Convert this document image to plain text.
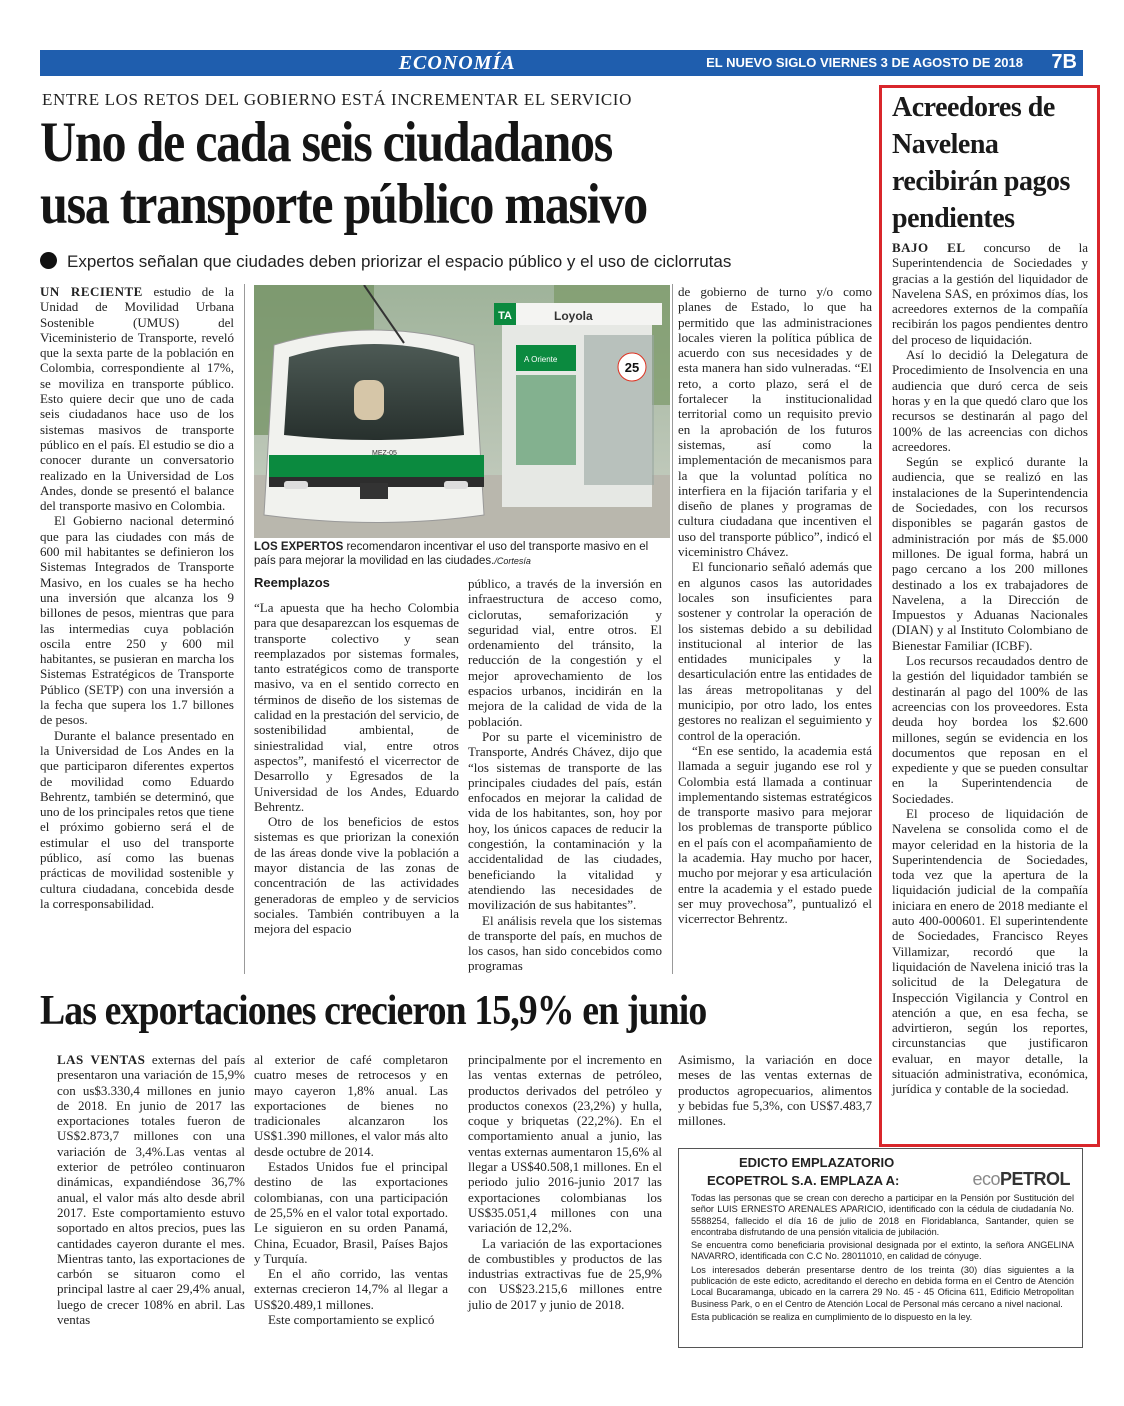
ECONOMÍA	EL NUEVO SIGLO VIERNES 3 DE AGOSTO DE 2018 7B
ENTRE LOS RETOS DEL GOBIERNO ESTÁ INCREMENTAR EL SERVICIO
Uno de cada seis ciudadanos
usa transporte público masivo
Expertos señalan que ciudades deben priorizar el espacio público y el uso de ciclorrutas

UN RECIENTE estudio de la Unidad de Movilidad Urbana Sostenible (UMUS) del Viceministerio de Transporte, reveló que la sexta parte de la población en Colombia, correspondiente al 17%, se moviliza en transporte público. Esto quiere decir que uno de cada seis ciudadanos hace uso de los sistemas masivos de transporte público en el país. El estudio se dio a conocer durante un conversatorio realizado en la Universidad de Los Andes, donde se presentó el balance del transporte masivo en Colombia.

El Gobierno nacional determinó que para las ciudades con más de 600 mil habitantes se definieron los Sistemas Integrados de Transporte Masivo, en los cuales se ha hecho una inversión que alcanza los 9 billones de pesos, mientras que para las intermedias cuya población oscila entre 250 y 600 mil habitantes, se pusieran en marcha los Sistemas Estratégicos de Transporte Público (SETP) con una inversión a la fecha que supera los 1.7 billones de pesos.

Durante el balance presentado en la Universidad de Los Andes en la que participaron diferentes expertos de movilidad como Eduardo Behrentz, también se determinó, que uno de los principales retos que tiene el próximo gobierno será el de estimular el uso del transporte público, así como las buenas prácticas de movilidad sostenible y cultura ciudadana, concebida desde la corresponsabilidad.

TA	Loyola
A Oriente
25
MEZ-05
LOS EXPERTOS recomendaron incentivar el uso del transporte masivo en el país para mejorar la movilidad en las ciudades./Cortesía
Reemplazos

“La apuesta que ha hecho Colombia para que desaparezcan los esquemas de transporte colectivo y sean reemplazados por sistemas formales, tanto estratégicos como de transporte masivo, va en el sentido correcto en términos de diseño de los sistemas de calidad en la prestación del servicio, de sostenibilidad ambiental, de siniestralidad vial, entre otros aspectos”, manifestó el vicerrector de Desarrollo y Egresados de la Universidad de los Andes, Eduardo Behrentz.

Otro de los beneficios de estos sistemas es que priorizan la conexión de las áreas donde vive la población a mayor distancia de las zonas de concentración de las actividades generadoras de empleo y de servicios sociales. También contribuyen a la mejora del espacio

público, a través de la inversión en infraestructura de acceso como, ciclorutas, semaforización y seguridad vial, entre otros. El ordenamiento del tránsito, la reducción de la congestión y el mejor aprovechamiento de los espacios urbanos, incidirán en la mejora de la calidad de vida de la población.

Por su parte el viceministro de Transporte, Andrés Chávez, dijo que “los sistemas de transporte de las principales ciudades del país, están enfocados en mejorar la calidad de vida de los habitantes, son, hoy por hoy, los únicos capaces de reducir la congestión, la contaminación y la accidentalidad de las ciudades, beneficiando la vitalidad y atendiendo las necesidades de movilización de sus habitantes”.

El análisis revela que los sistemas de transporte del país, en muchos de los casos, han sido concebidos como programas

de gobierno de turno y/o como planes de Estado, lo que ha permitido que las administraciones locales vieren la política pública de acuerdo con sus necesidades y de esta manera han sido vulneradas. “El reto, a corto plazo, será el de fortalecer la institucionalidad territorial como un requisito previo en la aprobación de los futuros sistemas, así como la implementación de mecanismos para la que la voluntad política no interfiera en la fijación tarifaria y el diseño de planes y programas de cultura ciudadana que incentiven el uso del transporte público”, indicó el viceministro Chávez.

El funcionario señaló además que en algunos casos las autoridades locales son insuficientes para sostener y controlar la operación de los sistemas debido a su debilidad institucional al interior de las entidades municipales y la desarticulación entre las entidades de las áreas metropolitanas y del municipio, por otro lado, los entes gestores no realizan el seguimiento y control de la operación.

“En ese sentido, la academia está llamada a seguir jugando ese rol y Colombia está llamada a continuar implementando sistemas estratégicos de transporte masivo para mejorar los problemas de transporte público en el país con el acompañamiento de la academia. Hay mucho por hacer, mucho por mejorar y esa articulación entre la academia y el estado puede ser muy provechosa”, puntualizó el vicerrector Behrentz.

Las exportaciones crecieron 15,9% en junio

LAS VENTAS externas del país presentaron una variación de 15,9% con us$3.330,4 millones en junio de 2018. En junio de 2017 las exportaciones totales fueron de US$2.873,7 millones con una variación de 3,4%.Las ventas al exterior de petróleo continuaron dinámicas, expandiéndose 36,7% anual, el valor más alto desde abril 2017. Este comportamiento estuvo soportado en altos precios, pues las cantidades cayeron durante el mes. Mientras tanto, las exportaciones de carbón se situaron como el principal lastre al caer 29,4% anual, luego de crecer 108% en abril. Las ventas

al exterior de café completaron cuatro meses de retrocesos y en mayo cayeron 1,8% anual. Las exportaciones de bienes no tradicionales alcanzaron los US$1.390 millones, el valor más alto desde octubre de 2014.

Estados Unidos fue el principal destino de las exportaciones colombianas, con una participación de 25,5% en el valor total exportado. Le siguieron en su orden Panamá, China, Ecuador, Brasil, Países Bajos y Turquía.

En el año corrido, las ventas externas crecieron 14,7% al llegar a US$20.489,1 millones.

Este comportamiento se explicó

principalmente por el incremento en las ventas externas de petróleo, productos derivados del petróleo y productos conexos (23,2%) y hulla, coque y briquetas (22,2%). En el comportamiento anual a junio, las ventas externas aumentaron 15,6% al llegar a US$40.508,1 millones. En el periodo julio 2016-junio 2017 las exportaciones colombianas los US$35.051,4 millones con una variación de 12,2%.

La variación de las exportaciones de combustibles y productos de las industrias extractivas fue de 25,9% con US$23.215,6 millones entre julio de 2017 y junio de 2018.

Asimismo, la variación en doce meses de las ventas externas de productos agropecuarios, alimentos y bebidas fue 5,3%, con US$7.483,7 millones.

Acreedores de Navelena recibirán pagos pendientes

BAJO EL concurso de la Superintendencia de Sociedades y gracias a la gestión del liquidador de Navelena SAS, en próximos días, los acreedores externos de la compañía recibirán los pagos pendientes dentro del proceso de liquidación.

Así lo decidió la Delegatura de Procedimiento de Insolvencia en una audiencia que duró cerca de seis horas y en la que quedó claro que los recursos se destinarán al pago del 100% de las acreencias con dichos acreedores.

Según se explicó durante la audiencia, que se realizó en las instalaciones de la Superintendencia de Sociedades, con los recursos disponibles se pagarán gastos de administración por más de $5.000 millones. De igual forma, habrá un pago cercano a los 200 millones destinado a los ex trabajadores de Navelena, a la Dirección de Impuestos y Aduanas Nacionales (DIAN) y al Instituto Colombiano de Bienestar Familiar (ICBF).

Los recursos recaudados dentro de la gestión del liquidador también se destinarán al pago del 100% de las acreencias con los proveedores. Esta deuda hoy bordea los $2.600 millones, según se evidencia en los documentos que reposan en el expediente y que se pueden consultar en la Superintendencia de Sociedades.

El proceso de liquidación de Navelena se consolida como el de mayor celeridad en la historia de la Superintendencia de Sociedades, toda vez que la apertura de la liquidación judicial de la compañía iniciara en enero de 2018 mediante el auto 400-000601. El superintendente de Sociedades, Francisco Reyes Villamizar, recordó que la liquidación de Navelena inició tras la solicitud de la Delegatura de Inspección Vigilancia y Control en atención a que, en esa fecha, se advirtieron, según los reportes, circunstancias que justificaron evaluar, en mayor detalle, la situación administrativa, económica, jurídica y contable de la sociedad.

EDICTO EMPLAZATORIO
ECOPETROL S.A. EMPLAZA A:	ecoPETROL

Todas las personas que se crean con derecho a participar en la Pensión por Sustitución del señor LUIS ERNESTO ARENALES APARICIO, identificado con la cédula de ciudadanía No. 5588254, fallecido el día 16 de julio de 2018 en Floridablanca, Santander, quien se encontraba disfrutando de una pensión vitalicia de jubilación.

Se encuentra como beneficiaria provisional designada por el extinto, la señora ANGELINA NAVARRO, identificada con C.C No. 28011010, en calidad de cónyuge.

Los interesados deberán presentarse dentro de los treinta (30) días siguientes a la publicación de este edicto, acreditando el derecho en debida forma en el Centro de Atención Local Bucaramanga, ubicado en la carrera 29 No. 45 - 45 Oficina 611, Edificio Metropolitan Business Park, o en el Centro de Atención Local de Personal más cercano a nivel nacional.

Esta publicación se realiza en cumplimiento de lo dispuesto en la ley.
